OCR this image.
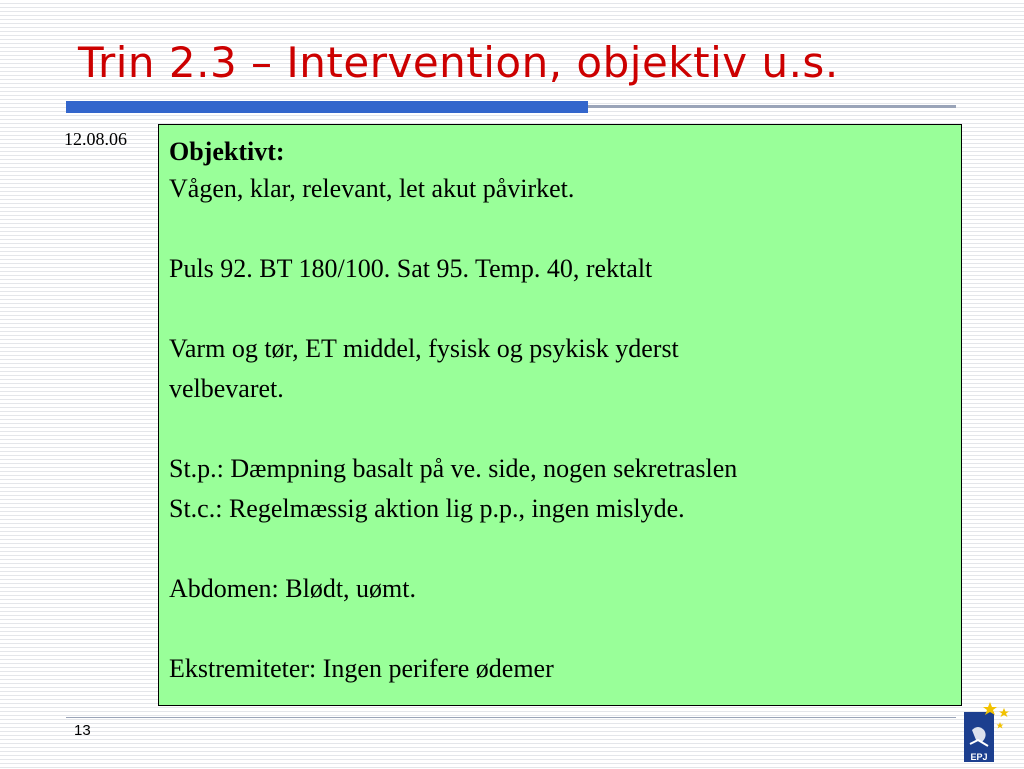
Trin 2.3 – Intervention, objektiv u.s.
12.08.06 Objektivt:

Vågen, klar, relevant, let akut påvirket.

Puls 92. BT 180/100. Sat 95. Temp. 40, rektalt

Varm og tør, ET middel, fysisk og psykisk yderst

velbevaret.

St.p.: Dæmpning basalt på ve. side, nogen sekretraslen

St.c.: Regelmæssig aktion lig p.p., ingen mislyde.

Abdomen: Blødt, uømt.

Ekstremiteter: Ingen perifere ødemer

13
EPJ
